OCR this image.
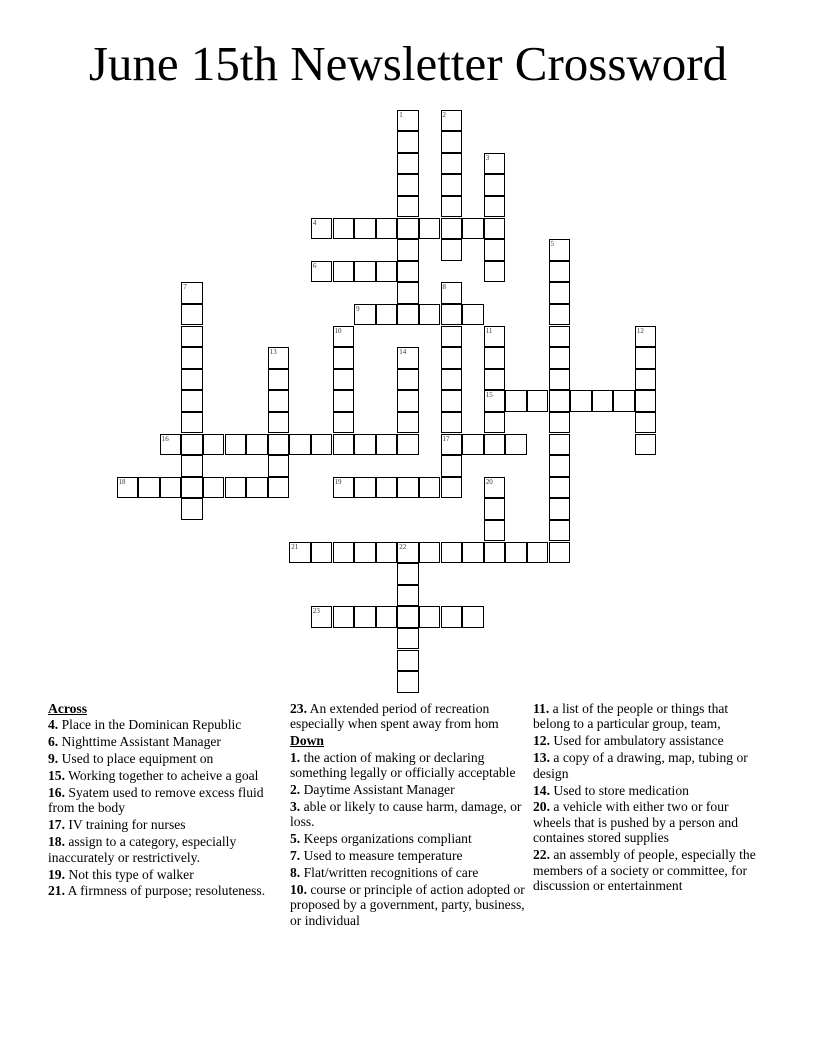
June 15th Newsletter Crossword
1	2
3
4
5
6
7	8
17
9
10	11
15
12
13	14
16
18	19	20
21	22
23
Across
4. Place in the Dominican Republic
6. Nighttime Assistant Manager
9. Used to place equipment on
15. Working together to acheive a goal
16. Syatem used to remove excess fluid from the body
17. IV training for nurses
18. assign to a category, especially inaccurately or restrictively.
19. Not this type of walker
21. A firmness of purpose; resoluteness.
23. An extended period of recreation especially when spent away from hom
Down
1. the action of making or declaring something legally or officially acceptable
2. Daytime Assistant Manager
3. able or likely to cause harm, damage, or loss.
5. Keeps organizations compliant
7. Used to measure temperature
8. Flat/written recognitions of care
10. course or principle of action adopted or proposed by a government, party, business, or individual
11. a list of the people or things that belong to a particular group, team,
12. Used for ambulatory assistance
13. a copy of a drawing, map, tubing or design
14. Used to store medication
20. a vehicle with either two or four wheels that is pushed by a person and containes stored supplies
22. an assembly of people, especially the members of a society or committee, for discussion or entertainment
